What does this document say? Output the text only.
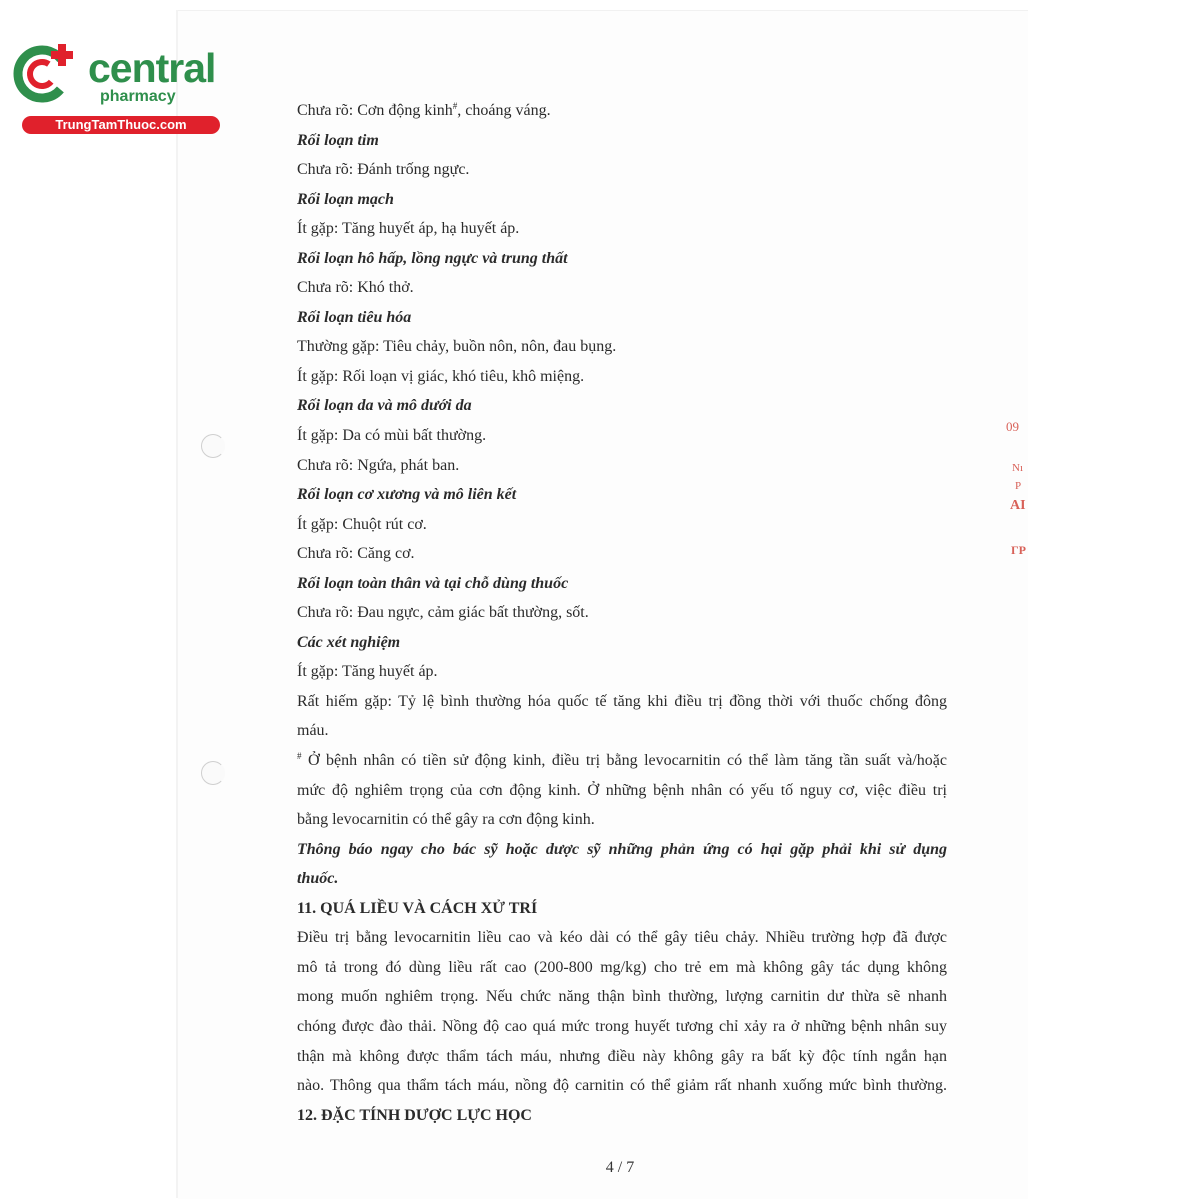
central
pharmacy
TrungTamThuoc.com
Chưa rõ: Cơn động kinh#, choáng váng.
Rối loạn tim
Chưa rõ: Đánh trống ngực.
Rối loạn mạch
Ít gặp: Tăng huyết áp, hạ huyết áp.
Rối loạn hô hấp, lồng ngực và trung thất
Chưa rõ: Khó thở.
Rối loạn tiêu hóa
Thường gặp: Tiêu chảy, buồn nôn, nôn, đau bụng.
Ít gặp: Rối loạn vị giác, khó tiêu, khô miệng.
Rối loạn da và mô dưới da
Ít gặp: Da có mùi bất thường.
Chưa rõ: Ngứa, phát ban.
Rối loạn cơ xương và mô liên kết
Ít gặp: Chuột rút cơ.
Chưa rõ: Căng cơ.
Rối loạn toàn thân và tại chỗ dùng thuốc
Chưa rõ: Đau ngực, cảm giác bất thường, sốt.
Các xét nghiệm
Ít gặp: Tăng huyết áp.
Rất hiếm gặp: Tỷ lệ bình thường hóa quốc tế tăng khi điều trị đồng thời với thuốc chống đông
máu.
# Ở bệnh nhân có tiền sử động kinh, điều trị bằng levocarnitin có thể làm tăng tần suất và/hoặc
mức độ nghiêm trọng của cơn động kinh. Ở những bệnh nhân có yếu tố nguy cơ, việc điều trị
bằng levocarnitin có thể gây ra cơn động kinh.
Thông báo ngay cho bác sỹ hoặc dược sỹ những phản ứng có hại gặp phải khi sử dụng
thuốc.
11. QUÁ LIỀU VÀ CÁCH XỬ TRÍ
Điều trị bằng levocarnitin liều cao và kéo dài có thể gây tiêu chảy. Nhiều trường hợp đã được
mô tả trong đó dùng liều rất cao (200-800 mg/kg) cho trẻ em mà không gây tác dụng không
mong muốn nghiêm trọng. Nếu chức năng thận bình thường, lượng carnitin dư thừa sẽ nhanh
chóng được đào thải. Nồng độ cao quá mức trong huyết tương chỉ xảy ra ở những bệnh nhân suy
thận mà không được thẩm tách máu, nhưng điều này không gây ra bất kỳ độc tính ngắn hạn
nào. Thông qua thẩm tách máu, nồng độ carnitin có thể giảm rất nhanh xuống mức bình thường.
12. ĐẶC TÍNH DƯỢC LỰC HỌC
4 / 7
09
Nı
P
AI
ГР
